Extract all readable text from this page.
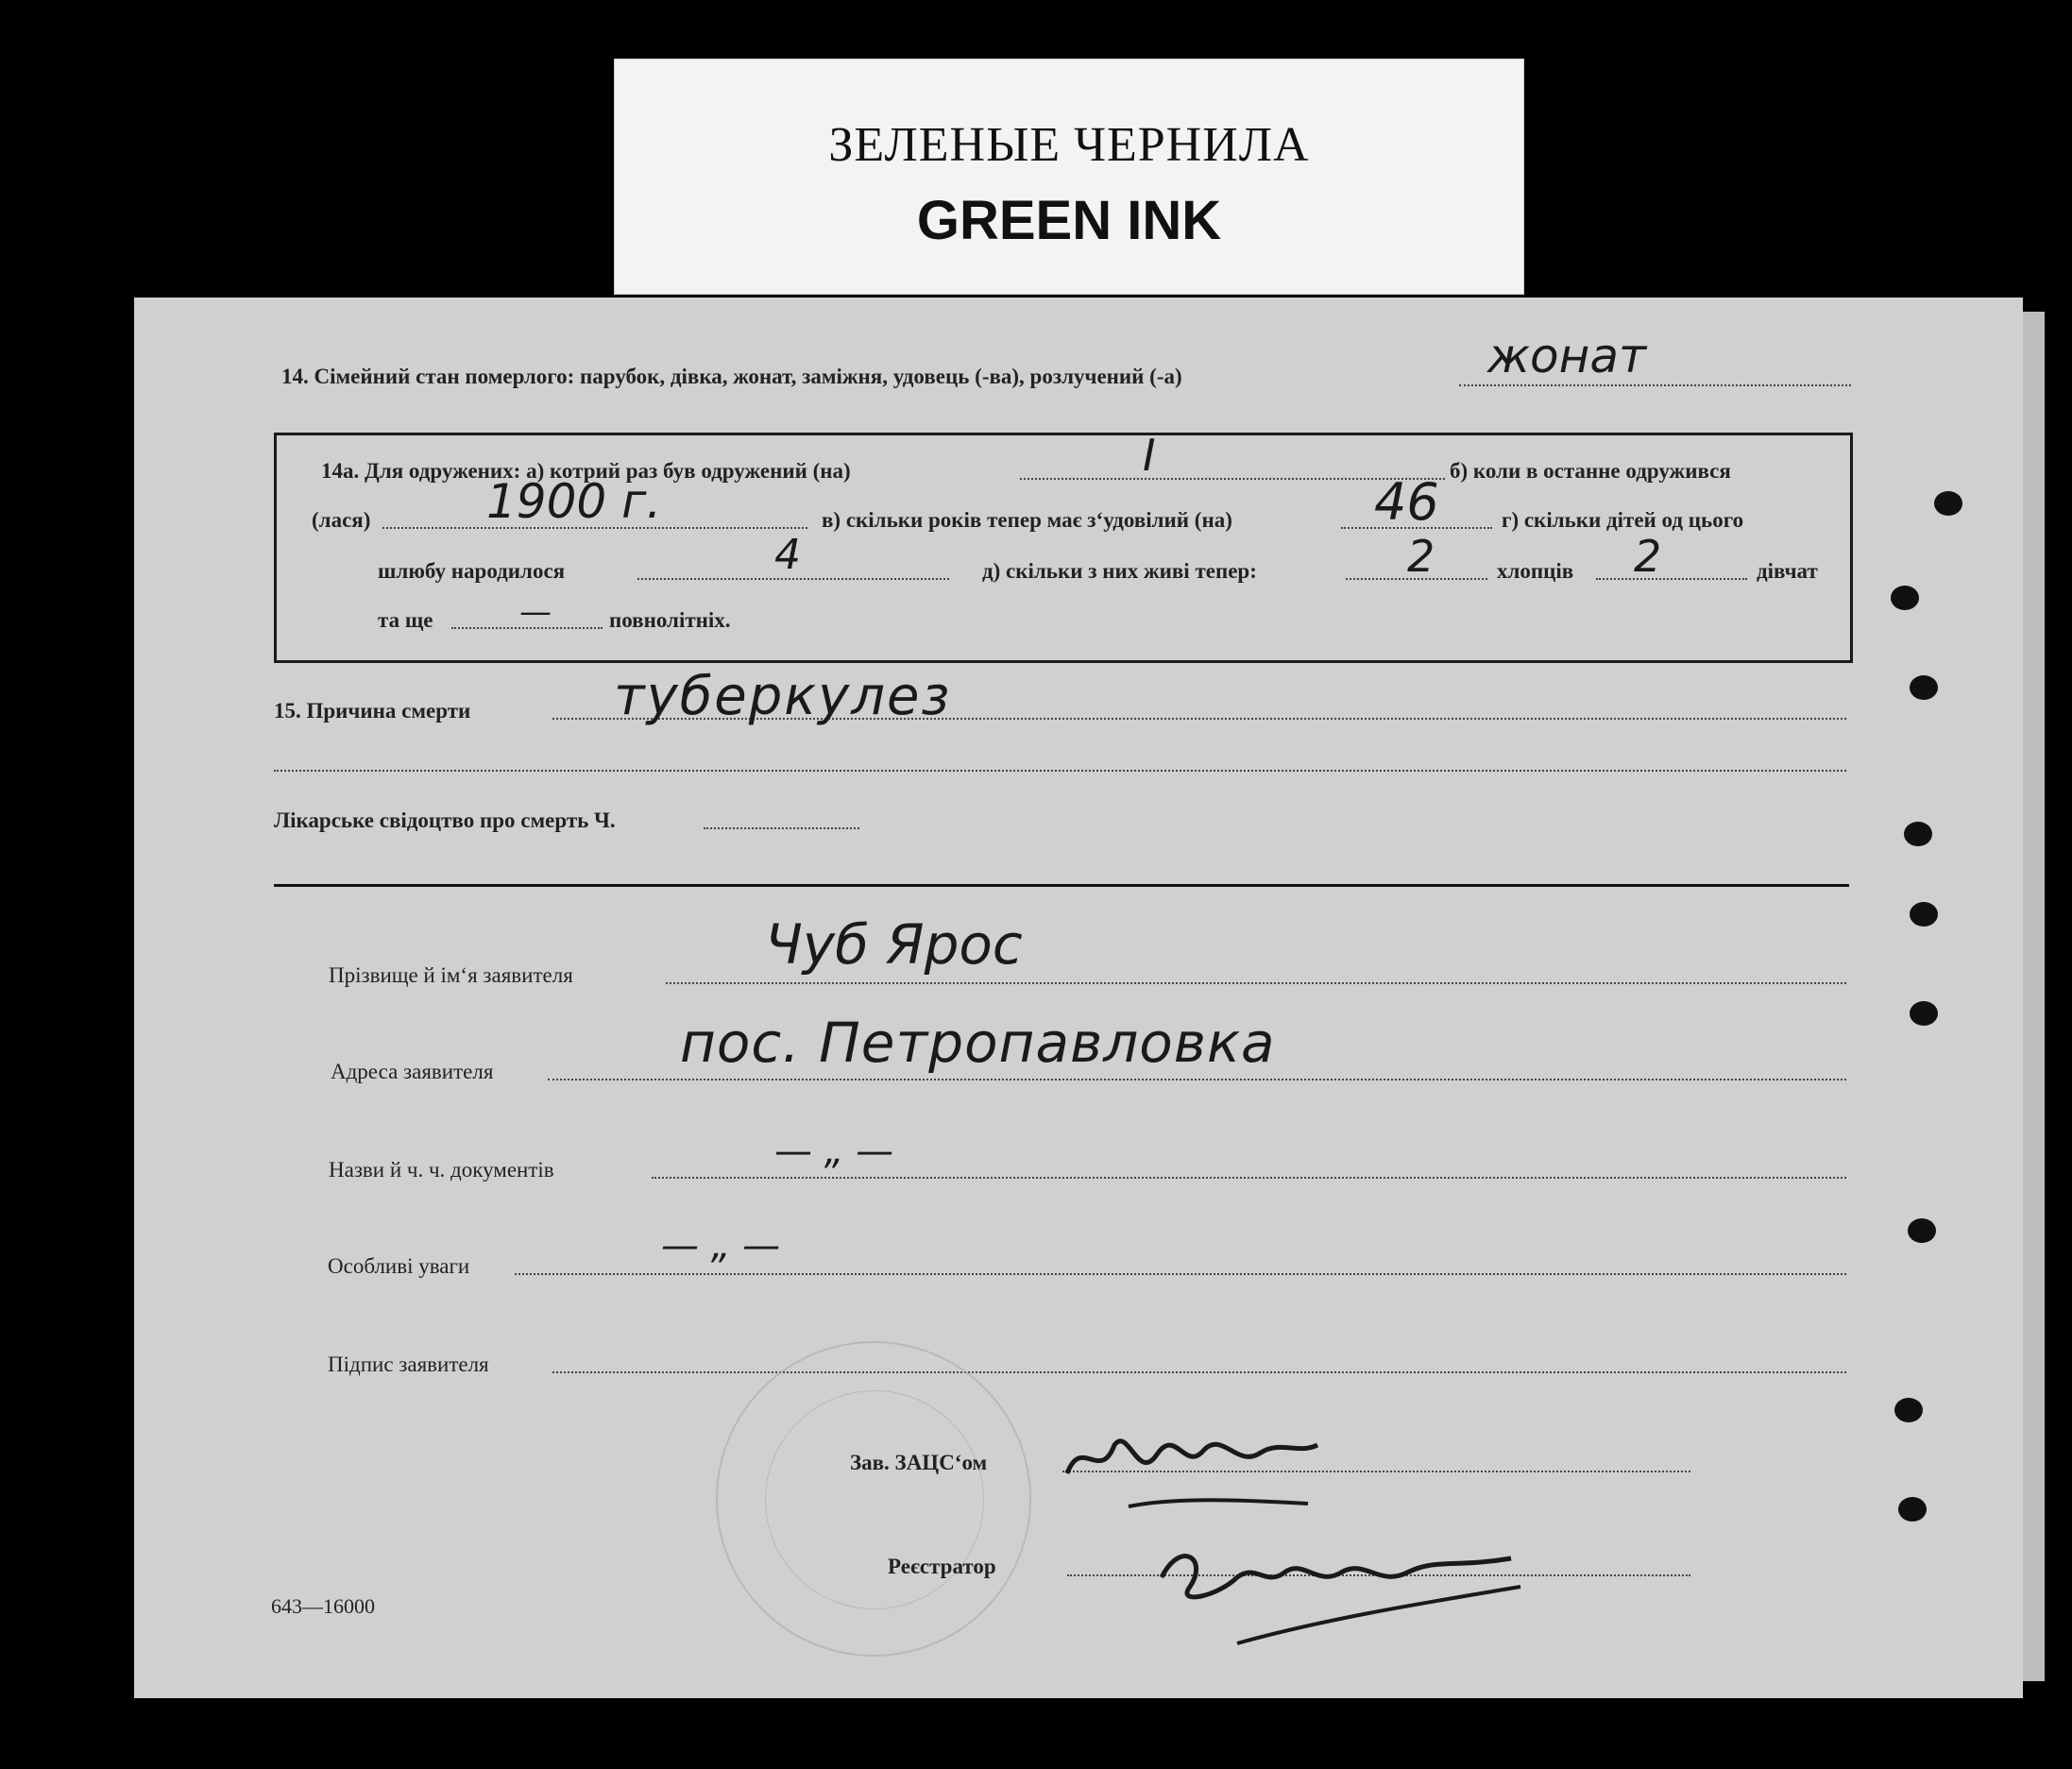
ЗЕЛЕНЫЕ ЧЕРНИЛА
GREEN INK
14. Сімейний стан померлого: парубок, дівка, жонат, заміжня, удовець (-ва), розлучений (-а)	жонат
14а. Для одружених: а) котрий раз був одружений (на)	I	б) коли в останне одружився
(лася) 1900 г.	в) скільки років тепер має з‘удовілий (на)	46	г) скільки дітей од цього
шлюбу народилося	4	д) скільки з них живі тепер:	2	хлопців 2	дівчат
та ще	—	повнолітніх.
15. Причина смерти	туберкулез
Лікарське свідоцтво про смерть Ч.
Прізвище й ім‘я заявителя	Чуб Ярос
Адреса заявителя	пос. Петропавловка
Назви й ч. ч. документів	— „ —
Особливі уваги	— „ —
Підпис заявителя
Зав. ЗАЦС‘ом
Реєстратор
643—16000
